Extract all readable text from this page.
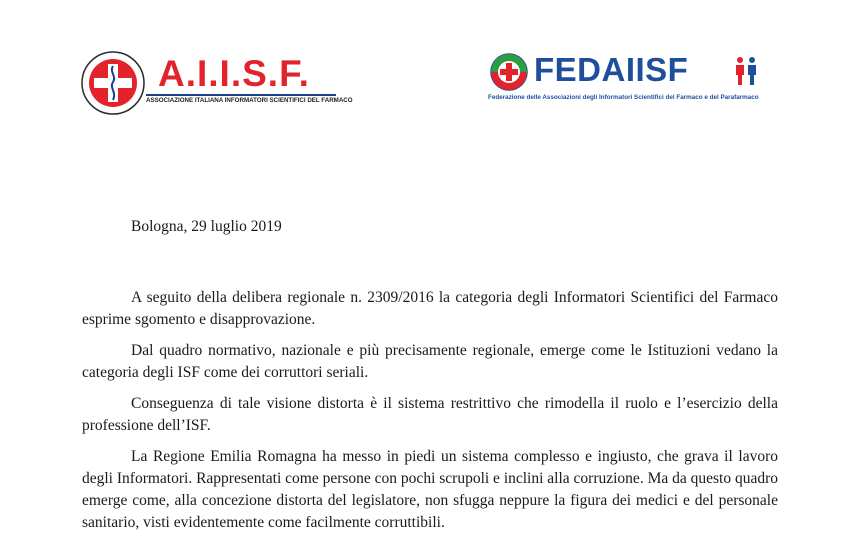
A.I.I.S.F.
ASSOCIAZIONE ITALIANA INFORMATORI SCIENTIFICI DEL FARMACO
FEDAIISF
Federazione delle Associazioni degli Informatori Scientifici del Farmaco e del Parafarmaco
Bologna, 29 luglio 2019

A seguito della delibera regionale n. 2309/2016 la categoria degli Informatori Scientifici del Farmaco esprime sgomento e disapprovazione.

Dal quadro normativo, nazionale e più precisamente regionale, emerge come le Istituzioni vedano la categoria degli ISF come dei corruttori seriali.

Conseguenza di tale visione distorta è il sistema restrittivo che rimodella il ruolo e l’esercizio della professione dell’ISF.

La Regione Emilia Romagna ha messo in piedi un sistema complesso e ingiusto, che grava il lavoro degli Informatori. Rappresentati come persone con pochi scrupoli e inclini alla corruzione. Ma da questo quadro emerge come, alla concezione distorta del legislatore, non sfugga neppure la figura dei medici e del personale sanitario, visti evidentemente come facilmente corruttibili.
